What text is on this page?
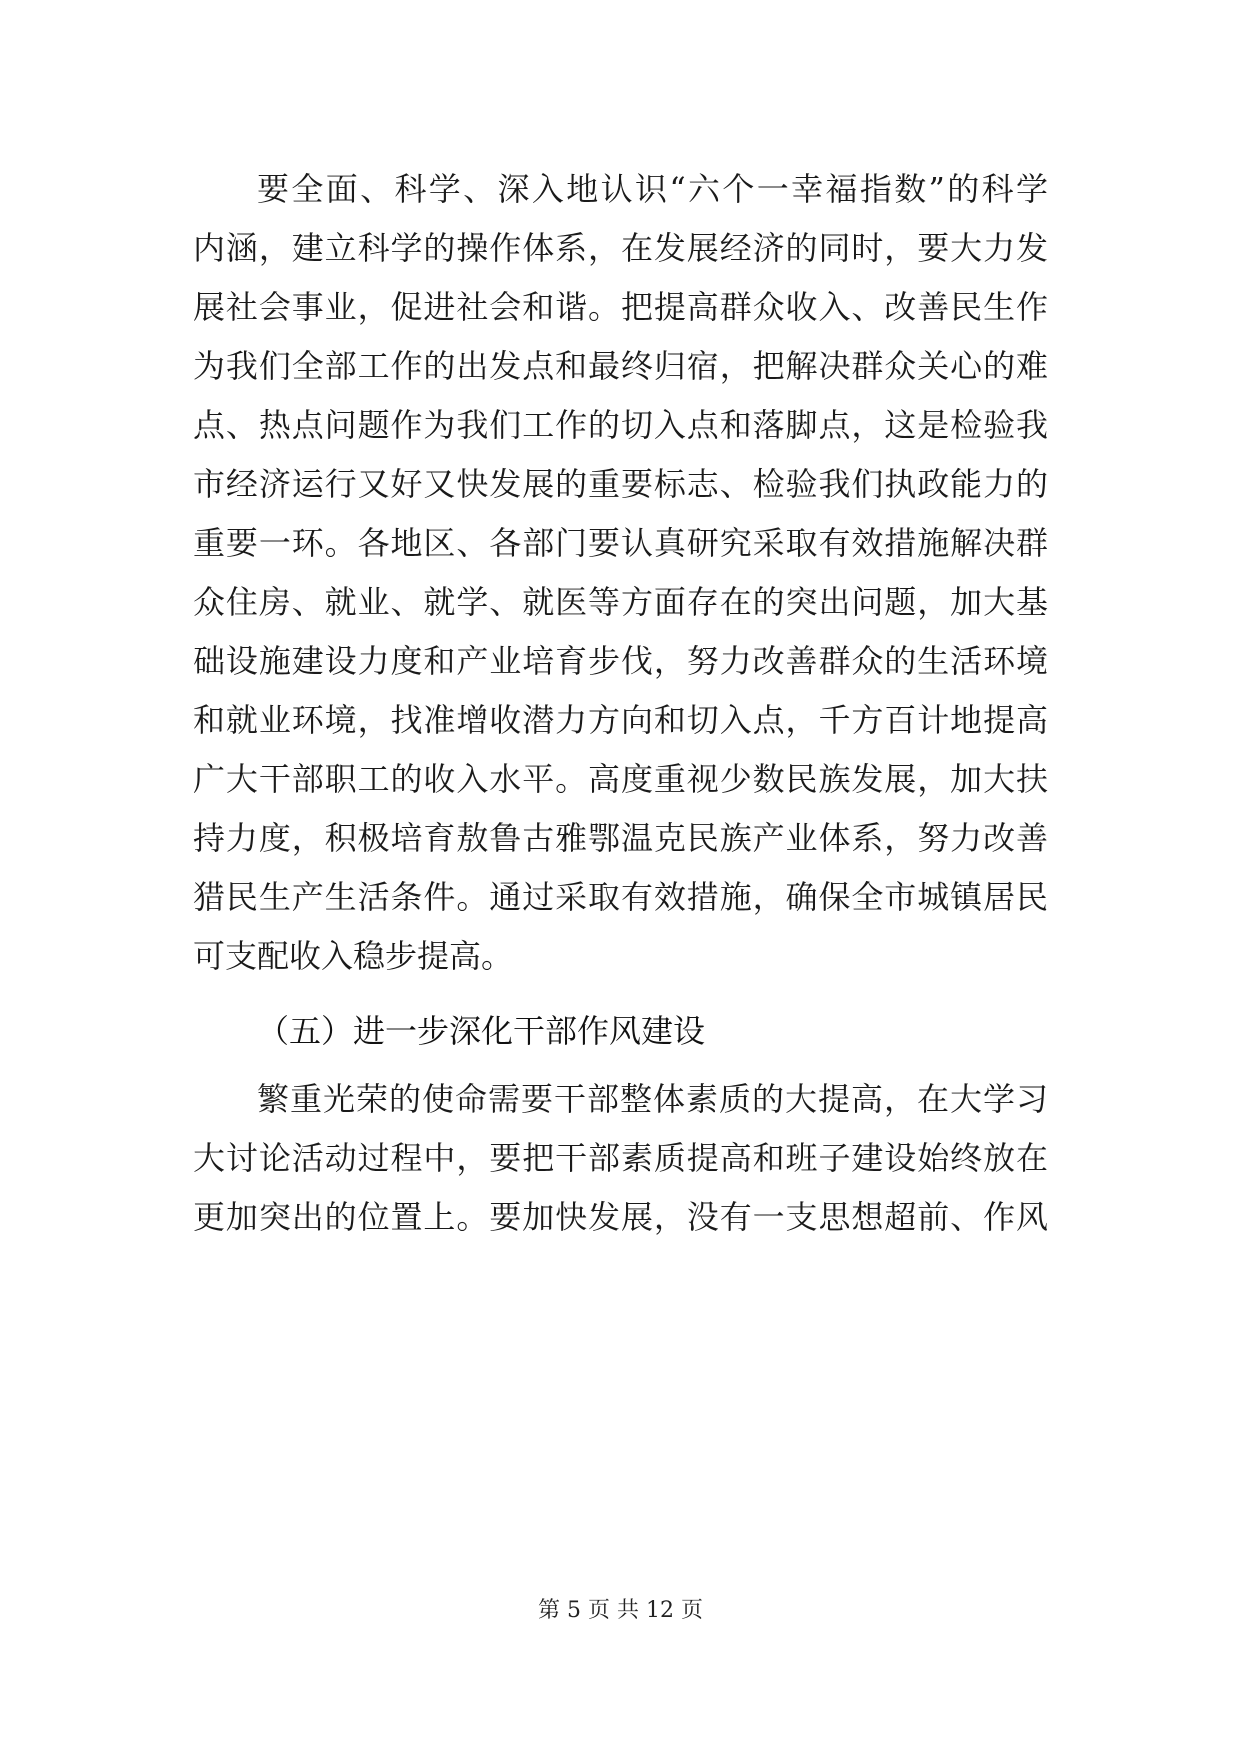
要全面、科学、深入地认识“六个一幸福指数”的科学
内涵，建立科学的操作体系，在发展经济的同时，要大力发
展社会事业，促进社会和谐。把提高群众收入、改善民生作
为我们全部工作的出发点和最终归宿，把解决群众关心的难
点、热点问题作为我们工作的切入点和落脚点，这是检验我
市经济运行又好又快发展的重要标志、检验我们执政能力的
重要一环。各地区、各部门要认真研究采取有效措施解决群
众住房、就业、就学、就医等方面存在的突出问题，加大基
础设施建设力度和产业培育步伐，努力改善群众的生活环境
和就业环境，找准增收潜力方向和切入点，千方百计地提高
广大干部职工的收入水平。高度重视少数民族发展，加大扶
持力度，积极培育敖鲁古雅鄂温克民族产业体系，努力改善
猎民生产生活条件。通过采取有效措施，确保全市城镇居民
可支配收入稳步提高。
（五）进一步深化干部作风建设
繁重光荣的使命需要干部整体素质的大提高，在大学习
大讨论活动过程中，要把干部素质提高和班子建设始终放在
更加突出的位置上。要加快发展，没有一支思想超前、作风
第 5 页 共 12 页
